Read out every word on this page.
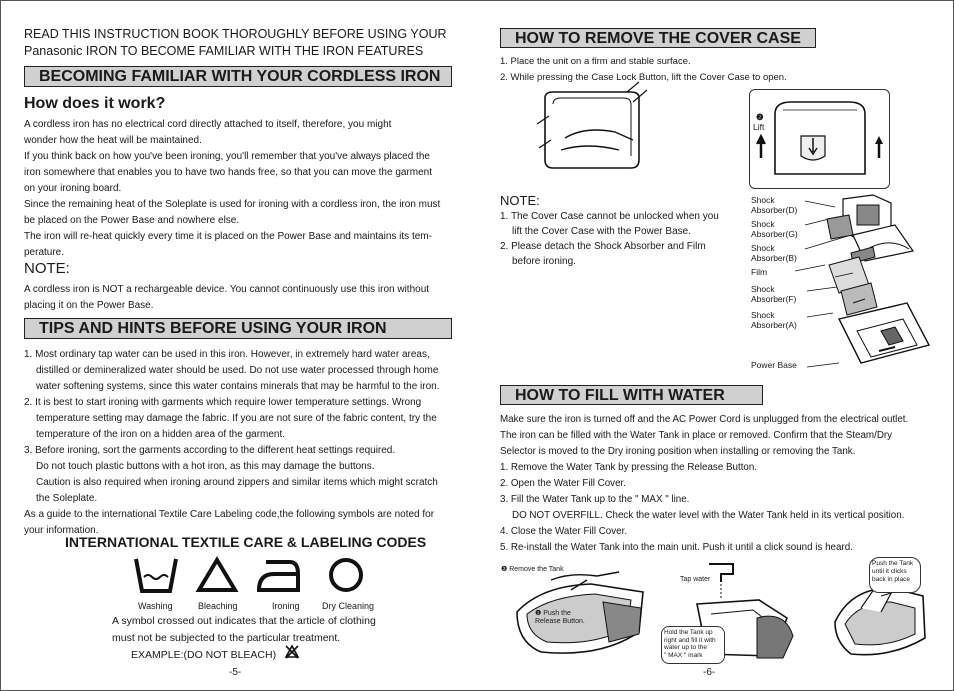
READ THIS INSTRUCTION BOOK THOROUGHLY BEFORE USING YOUR
Panasonic IRON TO BECOME FAMILIAR WITH THE IRON FEATURES
BECOMING FAMILIAR WITH YOUR CORDLESS IRON
How does it work?
A cordless iron has no electrical cord directly attached to itself, therefore, you might
wonder how the heat will be maintained.
If you think back on how you've been ironing, you'll remember that you've always placed the
iron somewhere that enables you to have two hands free, so that you can move the garment
on your ironing board.
Since the remaining heat of the Soleplate is used for ironing with a cordless iron, the iron must
be placed on the Power Base and nowhere else.
The iron will re-heat quickly every time it is placed on the Power Base and maintains its tem-
perature.
NOTE:
A cordless iron is NOT a rechargeable device. You cannot continuously use this iron without
placing it on the Power Base.
TIPS AND HINTS BEFORE USING YOUR IRON
1. Most ordinary tap water can be used in this iron. However, in extremely hard water areas,
distilled or demineralized water should be used. Do not use water processed through home
water softening systems, since this water contains minerals that may be harmful to the iron.
2. It is best to start ironing with garments which require lower temperature settings. Wrong
temperature setting may damage the fabric. If you are not sure of the fabric content, try the
temperature of the iron on a hidden area of the garment.
3. Before ironing, sort the garments according to the different heat settings required.
Do not touch plastic buttons with a hot iron, as this may damage the buttons.
Caution is also required when ironing around zippers and similar items which might scratch
the Soleplate.
As a guide to the international Textile Care Labeling code,the following symbols are noted for
your information.
INTERNATIONAL TEXTILE CARE & LABELING CODES
Washing	Bleaching	Ironing Dry Cleaning
A symbol crossed out indicates that the article of clothing
must not be subjected to the particular treatment.
EXAMPLE:(DO NOT BLEACH)
-5-
HOW TO REMOVE THE COVER CASE
1. Place the unit on a firm and stable surface.
2. While pressing the Case Lock Button, lift the Cover Case to open.
❷
Lift
NOTE:
1. The Cover Case cannot be unlocked when you
lift the Cover Case with the Power Base.
2. Please detach the Shock Absorber and Film
before ironing.
Shock
Absorber(D)
Shock
Absorber(G)
Shock
Absorber(B)
Film
Shock
Absorber(F)
Shock
Absorber(A)
Power Base
HOW TO FILL WITH WATER
Make sure the iron is turned off and the AC Power Cord is unplugged from the electrical outlet.
The iron can be filled with the Water Tank in place or removed. Confirm that the Steam/Dry
Selector is moved to the Dry ironing position when installing or removing the Tank.
1. Remove the Water Tank by pressing the Release Button.
2. Open the Water Fill Cover.
3. Fill the Water Tank up to the " MAX " line.
DO NOT OVERFILL. Check the water level with the Water Tank held in its vertical position.
4. Close the Water Fill Cover.
5. Re-install the Water Tank into the main unit. Push it until a click sound is heard.
❷ Remove the Tank
❶ Push the
Release Button.
Tap water
Hold the Tank up
right and fill it with
water up to the
" MAX " mark
Push the Tank
until it clicks
back in place
-6-
